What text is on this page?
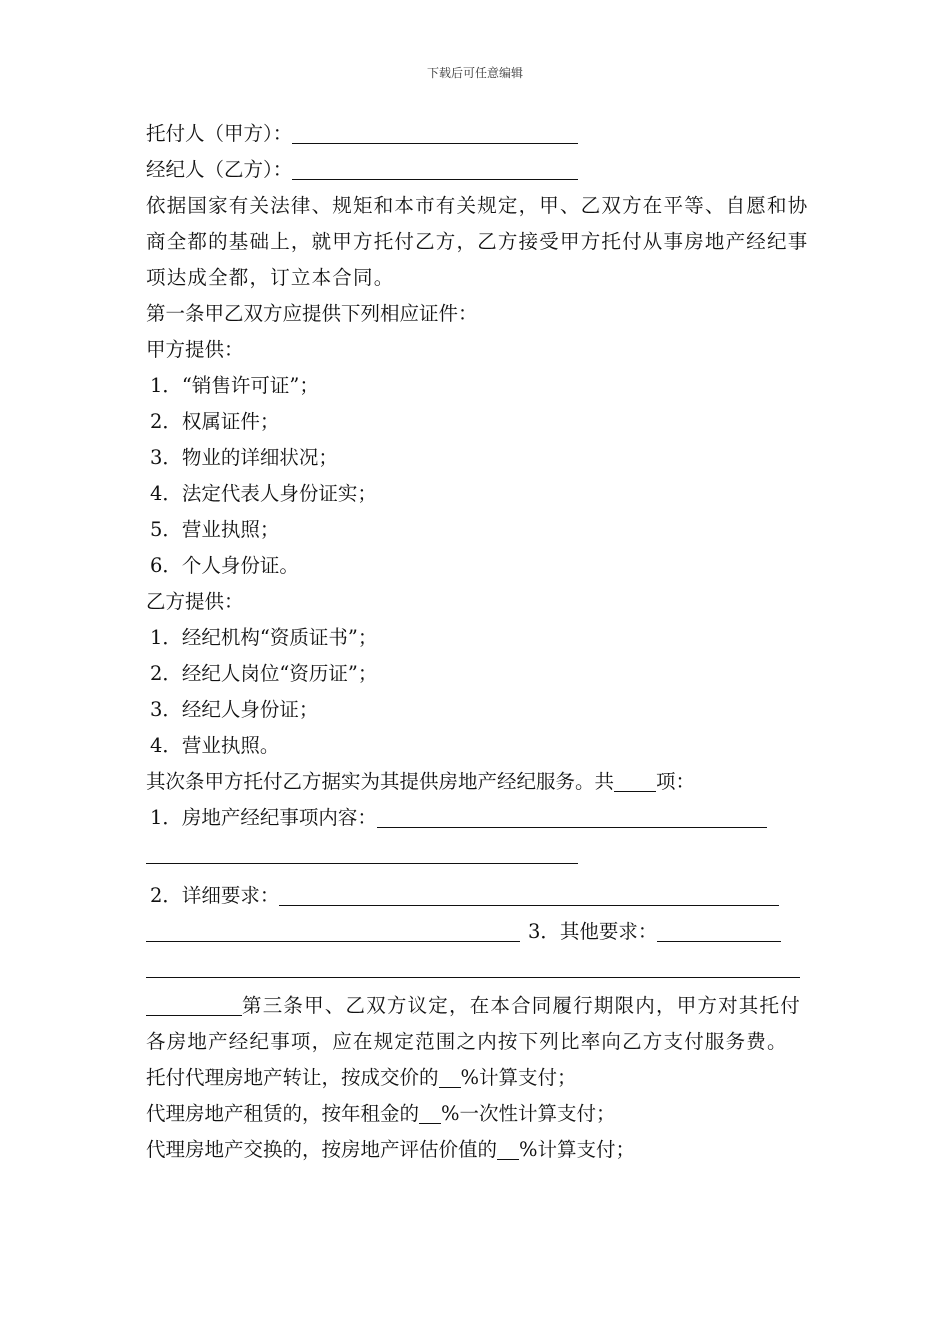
下载后可任意编辑
托付人（甲方）：
经纪人（乙方）：
依据国家有关法律、规矩和本市有关规定，甲、乙双方在平等、自愿和协商全都的基础上，就甲方托付乙方，乙方接受甲方托付从事房地产经纪事项达成全都，订立本合同。
第一条甲乙双方应提供下列相应证件：
甲方提供：
1．“销售许可证”；
2．权属证件；
3．物业的详细状况；
4．法定代表人身份证实；
5．营业执照；
6．个人身份证。
乙方提供：
1．经纪机构“资质证书”；
2．经纪人岗位“资历证”；
3．经纪人身份证；
4．营业执照。
其次条甲方托付乙方据实为其提供房地产经纪服务。共 项：
1．房地产经纪事项内容：
2．详细要求：
3．其他要求：
第三条甲、乙双方议定，在本合同履行期限内，甲方对其托付各房地产经纪事项，应在规定范围之内按下列比率向乙方支付服务费。
托付代理房地产转让，按成交价的 %计算支付；
代理房地产租赁的，按年租金的 %一次性计算支付；
代理房地产交换的，按房地产评估价值的 %计算支付；
